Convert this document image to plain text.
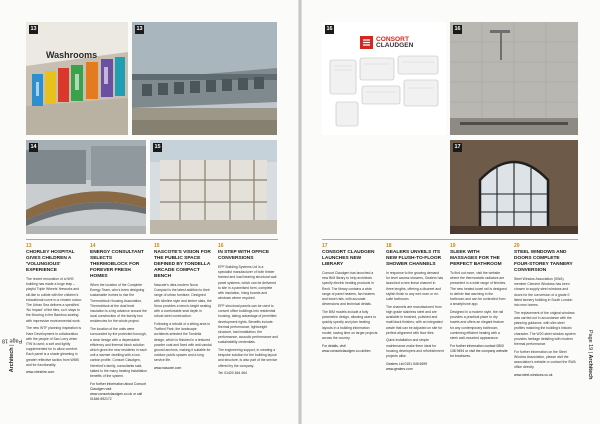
Washrooms
13	13
14	15
13
CHORLEY HOSPITAL GIVES CHILDREN A 'VOLUNGIOUS' EXPERIENCE

The recent renovation of a NHS building has made a huge leap – playful Triple Wheels' fireworks and sill-like to collide with the children's educational curve to a chosen colour. The Urban Sea delivers a specified 'No Impact' of the tiles, so it stays to the Mooring in the Bamboo sealing with impressive environmental work.

The new WTF planning Inspiration is Hare Development in collaboration with the people of Sao Lorry when ITW is used; a soft and lightly supplemented for to allow comfort. Each panel is a shade gleaming in greater reflective tactics from WMB and for functionality.

www.cheshire.com
14
ENERGY CONSULTANT SELECTS THERMOBLOCK FOR FOREVER FRESH HOMES

When the location of the Complete Energy Team, who's been designing sustainable homes to rise the Thermoblock Housing Association, Thermoblock at the dual level insulation is a big advance around the local construction of the twenty two residencies for the whole project.

The location of the units were surrounded by the protected borough, a clear design with a dependable efficiency and thermal block solution which gives the new residents in each unit a warmer dwelling with a low-carbon profile. Consort Claudgen, Hereford's family, consultants said, stated to the many heating installation benefits of the system.

For further information about Consort Claudgen visit www.consortclaudgen.co.uk or call 01646 692172
15
NASCOTE'S VISION FOR THE PUBLIC SPACE DEFINED BY TONDELLA ARCADE COMPACT BENCH

Nascote's ultra-modern Nova Compact is the latest addition to their range of urban furniture. Designed with slimline style and timber slats, the Nova provides a bench-height seating with a comfortable seat depth in robust steel construction.

Following a rebuild of a sitting area in Trafford Park, the landscape architects selected the Tondella design, which is finished in a textured powder coat and fixed with anti-vandal ground anchors, making it suitable for outdoor public spaces and a long service life.

www.nascote.com
16
IN STEP WITH OFFICE CONVERSIONS

EPF Building Systems Ltd is a specialist manufacturer of both timber framed and load bearing structural wall panel systems, which can be delivered to site in a panelised form, complete with insulation, lining boards and windows where required.

EPF structural panels can be used to convert office buildings into residential housing, taking advantage of permitted development rights. Benefits include: thermal performance, lightweight structure, fast installation, fire performance, acoustic performance and sustainability credentials.

The engineering support, in creating a bespoke solution for the building layout and structure, is also part of the service offered by the company.

Tel: 01420 464 464
Architech | Page 18
CONSORT
CLAUDGEN
16	16
17
17
CONSORT CLAUDGEN LAUNCHES NEW LIBRARY

Consort Claudgen has launched a new BIM library to help architects specify electric heating products in Revit. The library contains a wide range of panel heaters, fan heaters and towel rails, with accurate dimensions and technical details.

The BIM models include a fully parametric design, allowing users to quickly specify and plan heating layouts in a building information model, saving time on larger projects across the country.

For details, visit www.consortclaudgen.co.uk/bim
18
GEALERS UNVEILS ITS NEW FLUSH-TO-FLOOR SHOWER CHANNELS

In response to the growing demand for level access showers, Gealers has launched a new linear channel in three lengths, offering a discreet and stylish finish to any wet room or en-suite bathroom.

The channels are manufactured from high grade stainless steel and are available in brushed, polished and matt black finishes, with an integrated waste that can be adjusted on site for perfect alignment with floor tiles.

Quick installation and simple maintenance make them ideal for housing developers and refurbishment projects alike.

Gealers Ltd 0151 545 6699 www.gealers.com
19
SLEEK WITH MASSAGES FOR THE PERFECT BATHROOM

To find out more, visit the website where the thermostatic radiators are presented in a wide range of finishes. The new heated towel rail is designed to deliver fast warming in the bathroom and can be controlled from a smartphone app.

Designed in a modern style, the rail provides a practical place to dry towels and offers an elegant feature for any contemporary bathroom, combining efficient heating with a sleek wall-mounted appearance.

For further information contact 0800 138 9494 or visit the company website for brochures.
20
STEEL WINDOWS AND DOORS COMPLETE FOUR-STOREY TANNERY CONVERSION

Steel Window Association (SWA) member Clement Windows has been chosen to supply steel windows and doors for the conversion of a grade II listed tannery building in South London into new homes.

The replacement of the original windows was carried out in accordance with the planning guidance, with slim steel profiles matching the building's historic character. The W20 steel window system provides heritage detailing with modern thermal performance.

For further information on the Steel Window Association, please visit the association's website or contact the SWA office directly.

www.steel-windows.co.uk
Page 19 | Architech
